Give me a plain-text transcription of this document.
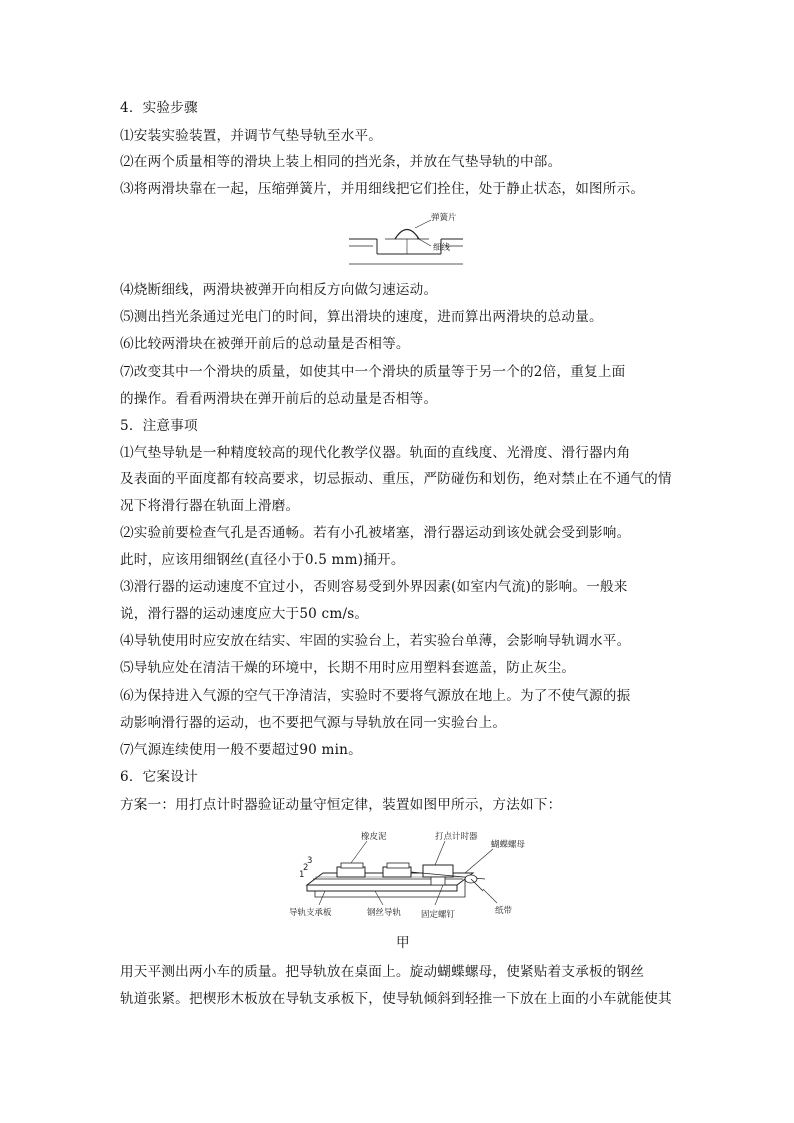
4．实验步骤
⑴安装实验装置，并调节气垫导轨至水平。
⑵在两个质量相等的滑块上装上相同的挡光条，并放在气垫导轨的中部。
⑶将两滑块靠在一起，压缩弹簧片，并用细线把它们拴住，处于静止状态，如图所示。
弹簧片
细线
⑷烧断细线，两滑块被弹开向相反方向做匀速运动。
⑸测出挡光条通过光电门的时间，算出滑块的速度，进而算出两滑块的总动量。
⑹比较两滑块在被弹开前后的总动量是否相等。
⑺改变其中一个滑块的质量，如使其中一个滑块的质量等于另一个的2倍，重复上面
的操作。看看两滑块在弹开前后的总动量是否相等。
5．注意事项
⑴气垫导轨是一种精度较高的现代化教学仪器。轨面的直线度、光滑度、滑行器内角
及表面的平面度都有较高要求，切忌振动、重压，严防碰伤和划伤，绝对禁止在不通气的情
况下将滑行器在轨面上滑磨。
⑵实验前要检查气孔是否通畅。若有小孔被堵塞，滑行器运动到该处就会受到影响。
此时，应该用细钢丝(直径小于0.5 mm)捅开。
⑶滑行器的运动速度不宜过小，否则容易受到外界因素(如室内气流)的影响。一般来
说，滑行器的运动速度应大于50 cm/s。
⑷导轨使用时应安放在结实、牢固的实验台上，若实验台单薄，会影响导轨调水平。
⑸导轨应处在清洁干燥的环境中，长期不用时应用塑料套遮盖，防止灰尘。
⑹为保持进入气源的空气干净清洁，实验时不要将气源放在地上。为了不使气源的振
动影响滑行器的运动，也不要把气源与导轨放在同一实验台上。
⑺气源连续使用一般不要超过90 min。
6．它案设计
方案一：用打点计时器验证动量守恒定律，装置如图甲所示，方法如下：
橡皮泥	打点计时器
蝴蝶螺母
3
2
1
导轨支承板	钢丝导轨 固定螺钉	纸带
甲
用天平测出两小车的质量。把导轨放在桌面上。旋动蝴蝶螺母，使紧贴着支承板的钢丝
轨道张紧。把楔形木板放在导轨支承板下，使导轨倾斜到轻推一下放在上面的小车就能使其
